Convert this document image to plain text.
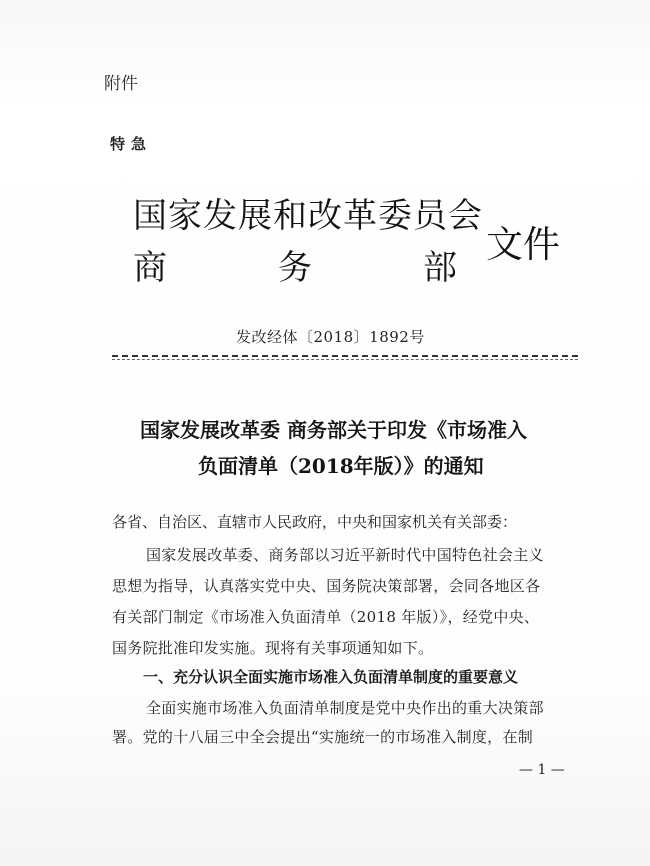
附件
特急
国家发展和改革委员会
商	务	部
文件
发改经体〔2018〕1892号
国家发展改革委 商务部关于印发《市场准入
负面清单（2018年版）》的通知
各省、自治区、直辖市人民政府，中央和国家机关有关部委：
国家发展改革委、商务部以习近平新时代中国特色社会主义
思想为指导，认真落实党中央、国务院决策部署，会同各地区各
有关部门制定《市场准入负面清单（2018 年版）》，经党中央、
国务院批准印发实施。现将有关事项通知如下。
一、充分认识全面实施市场准入负面清单制度的重要意义
全面实施市场准入负面清单制度是党中央作出的重大决策部
署。党的十八届三中全会提出“实施统一的市场准入制度，在制
— 1 —
